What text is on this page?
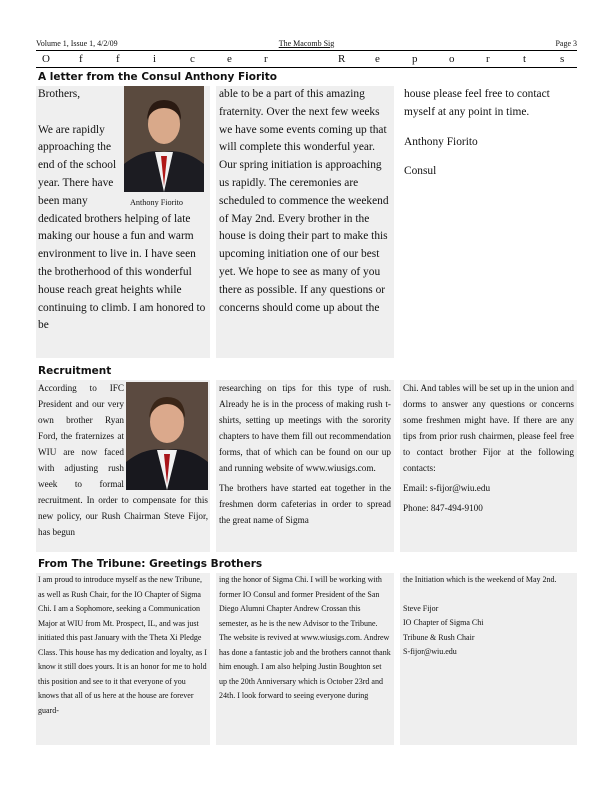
Volume 1, Issue 1, 4/2/09	The Macomb Sig	Page 3
O f	f	i	c	e	r	R	e	p	o	r	t	s
A letter from the Consul Anthony Fiorito

Brothers,

We are rapidly approaching the end of the school year. There have been many dedicated brothers helping of late making our house a fun and warm environment to live in. I have seen the brotherhood of this wonderful house reach great heights while continuing to climb. I am honored to be

Anthony Fiorito

able to be a part of this amazing fraternity. Over the next few weeks we have some events coming up that will complete this wonderful year. Our spring initiation is approaching us rapidly. The ceremonies are scheduled to commence the weekend of May 2nd. Every brother in the house is doing their part to make this upcoming initiation one of our best yet. We hope to see as many of you there as possible. If any questions or concerns should come up about the

house please feel free to contact myself at any point in time.

Anthony Fiorito

Consul

Recruitment

According to IFC President and our very own brother Ryan Ford, the fraternizes at WIU are now faced with adjusting rush week to formal recruitment. In order to compensate for this new policy, our Rush Chairman Steve Fijor, has begun

researching on tips for this type of rush. Already he is in the process of making rush t-shirts, setting up meetings with the sorority chapters to have them fill out recommendation forms, that of which can be found on our up and running website of www.wiusigs.com.

The brothers have started eat together in the freshmen dorm cafeterias in order to spread the great name of Sigma

Chi. And tables will be set up in the union and dorms to answer any questions or concerns some freshmen might have. If there are any tips from prior rush chairmen, please feel free to contact brother Fijor at the following contacts:

Email: s-fijor@wiu.edu

Phone: 847-494-9100

From The Tribune: Greetings Brothers

I am proud to introduce myself as the new Tribune, as well as Rush Chair, for the IO Chapter of Sigma Chi. I am a Sophomore, seeking a Communication Major at WIU from Mt. Prospect, IL, and was just initiated this past January with the Theta Xi Pledge Class. This house has my dedication and loyalty, as I know it still does yours. It is an honor for me to hold this position and see to it that everyone of you knows that all of us here at the house are forever guard-

ing the honor of Sigma Chi. I will be working with former IO Consul and former President of the San Diego Alumni Chapter Andrew Crossan this semester, as he is the new Advisor to the Tribune. The website is revived at www.wiusigs.com. Andrew has done a fantastic job and the brothers cannot thank him enough. I am also helping Justin Boughton set up the 20th Anniversary which is October 23rd and 24th. I look forward to seeing everyone during

the Initiation which is the weekend of May 2nd.

Steve Fijor

IO Chapter of Sigma Chi

Tribune & Rush Chair

S-fijor@wiu.edu
